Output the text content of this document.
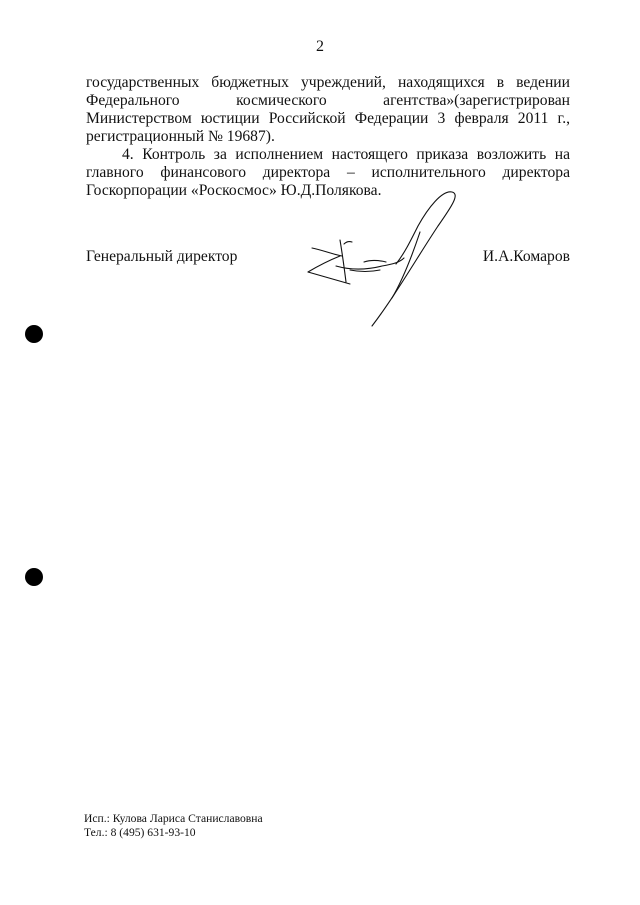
2

государственных бюджетных учреждений, находящихся в ведении Федерального космического агентства»(зарегистрирован Министерством юстиции Российской Федерации 3 февраля 2011 г., регистрационный № 19687).

4. Контроль за исполнением настоящего приказа возложить на главного финансового директора – исполнительного директора Госкорпорации «Роскосмос» Ю.Д.Полякова.

Генеральный директор	И.А.Комаров
Исп.: Кулова Лариса Станиславовна
Тел.: 8 (495) 631-93-10
